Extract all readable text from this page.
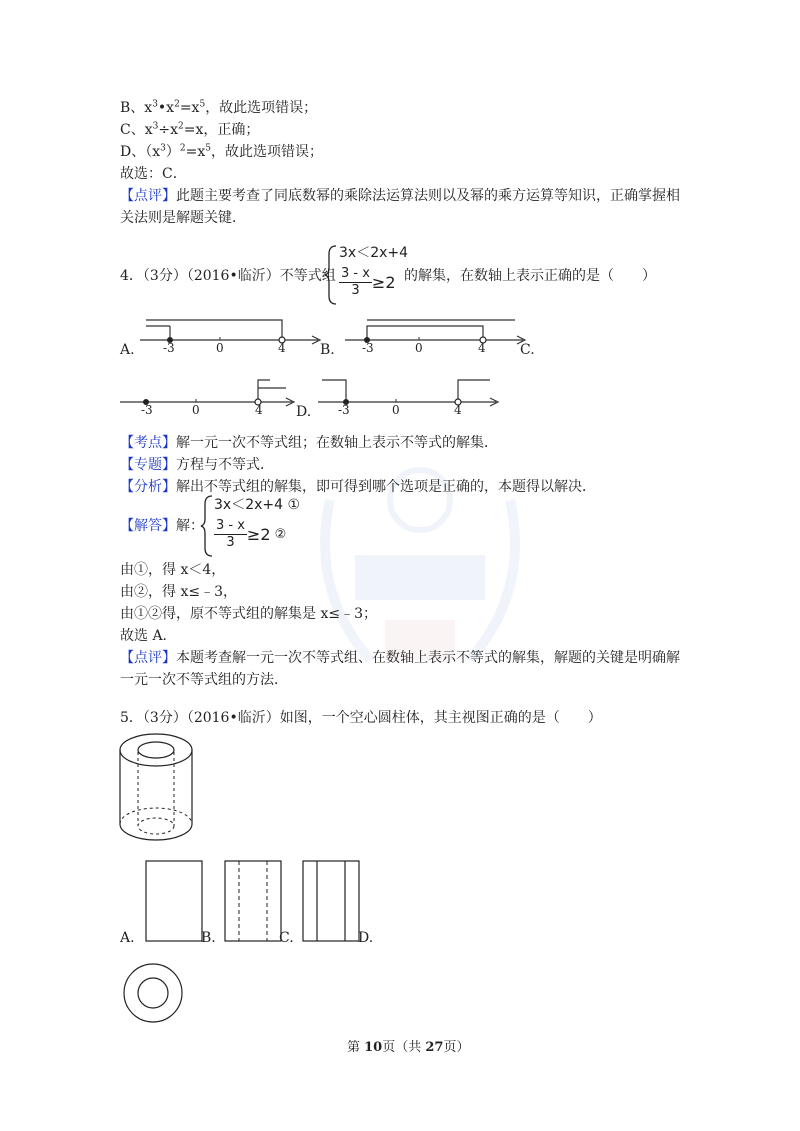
B、$x^3•x^2=x^5$，故此选项错误；
C、$x^3\div x^2=x$，正确；
D、$(x^3)^2=x^5$，故此选项错误；
故选：C．
【点评】此题主要考查了同底数幂的乘除法运算法则以及幂的乘方运算等知识，正确掌握相
关法则是解题关键．
4．（3分）（2016•临沂）不等式组
3x＜2x+4
$\frac{3 - x}{3} \ge 2$ 的解集，在数轴上表示正确的是（　　）
A. -3	0	4 B. -3	0	4 C.
-3	0	4 D. -3	0	4
【考点】解一元一次不等式组；在数轴上表示不等式的解集．
【专题】方程与不等式．
【分析】解出不等式组的解集，即可得到哪个选项是正确的，本题得以解决．
【解答】解：
3x＜2x+4 ①
$\frac{3 - x}{3} \ge 2$ ②
由①，得 x＜4，
由②，得 x≤﹣3，
由①②得，原不等式组的解集是 x≤﹣3；
故选 A．
【点评】本题考查解一元一次不等式组、在数轴上表示不等式的解集，解题的关键是明确解
一元一次不等式组的方法．
5．（3分）（2016•临沂）如图，一个空心圆柱体，其主视图正确的是（　　）
A.	B.	C.	D.
第 10页（共 27页）
